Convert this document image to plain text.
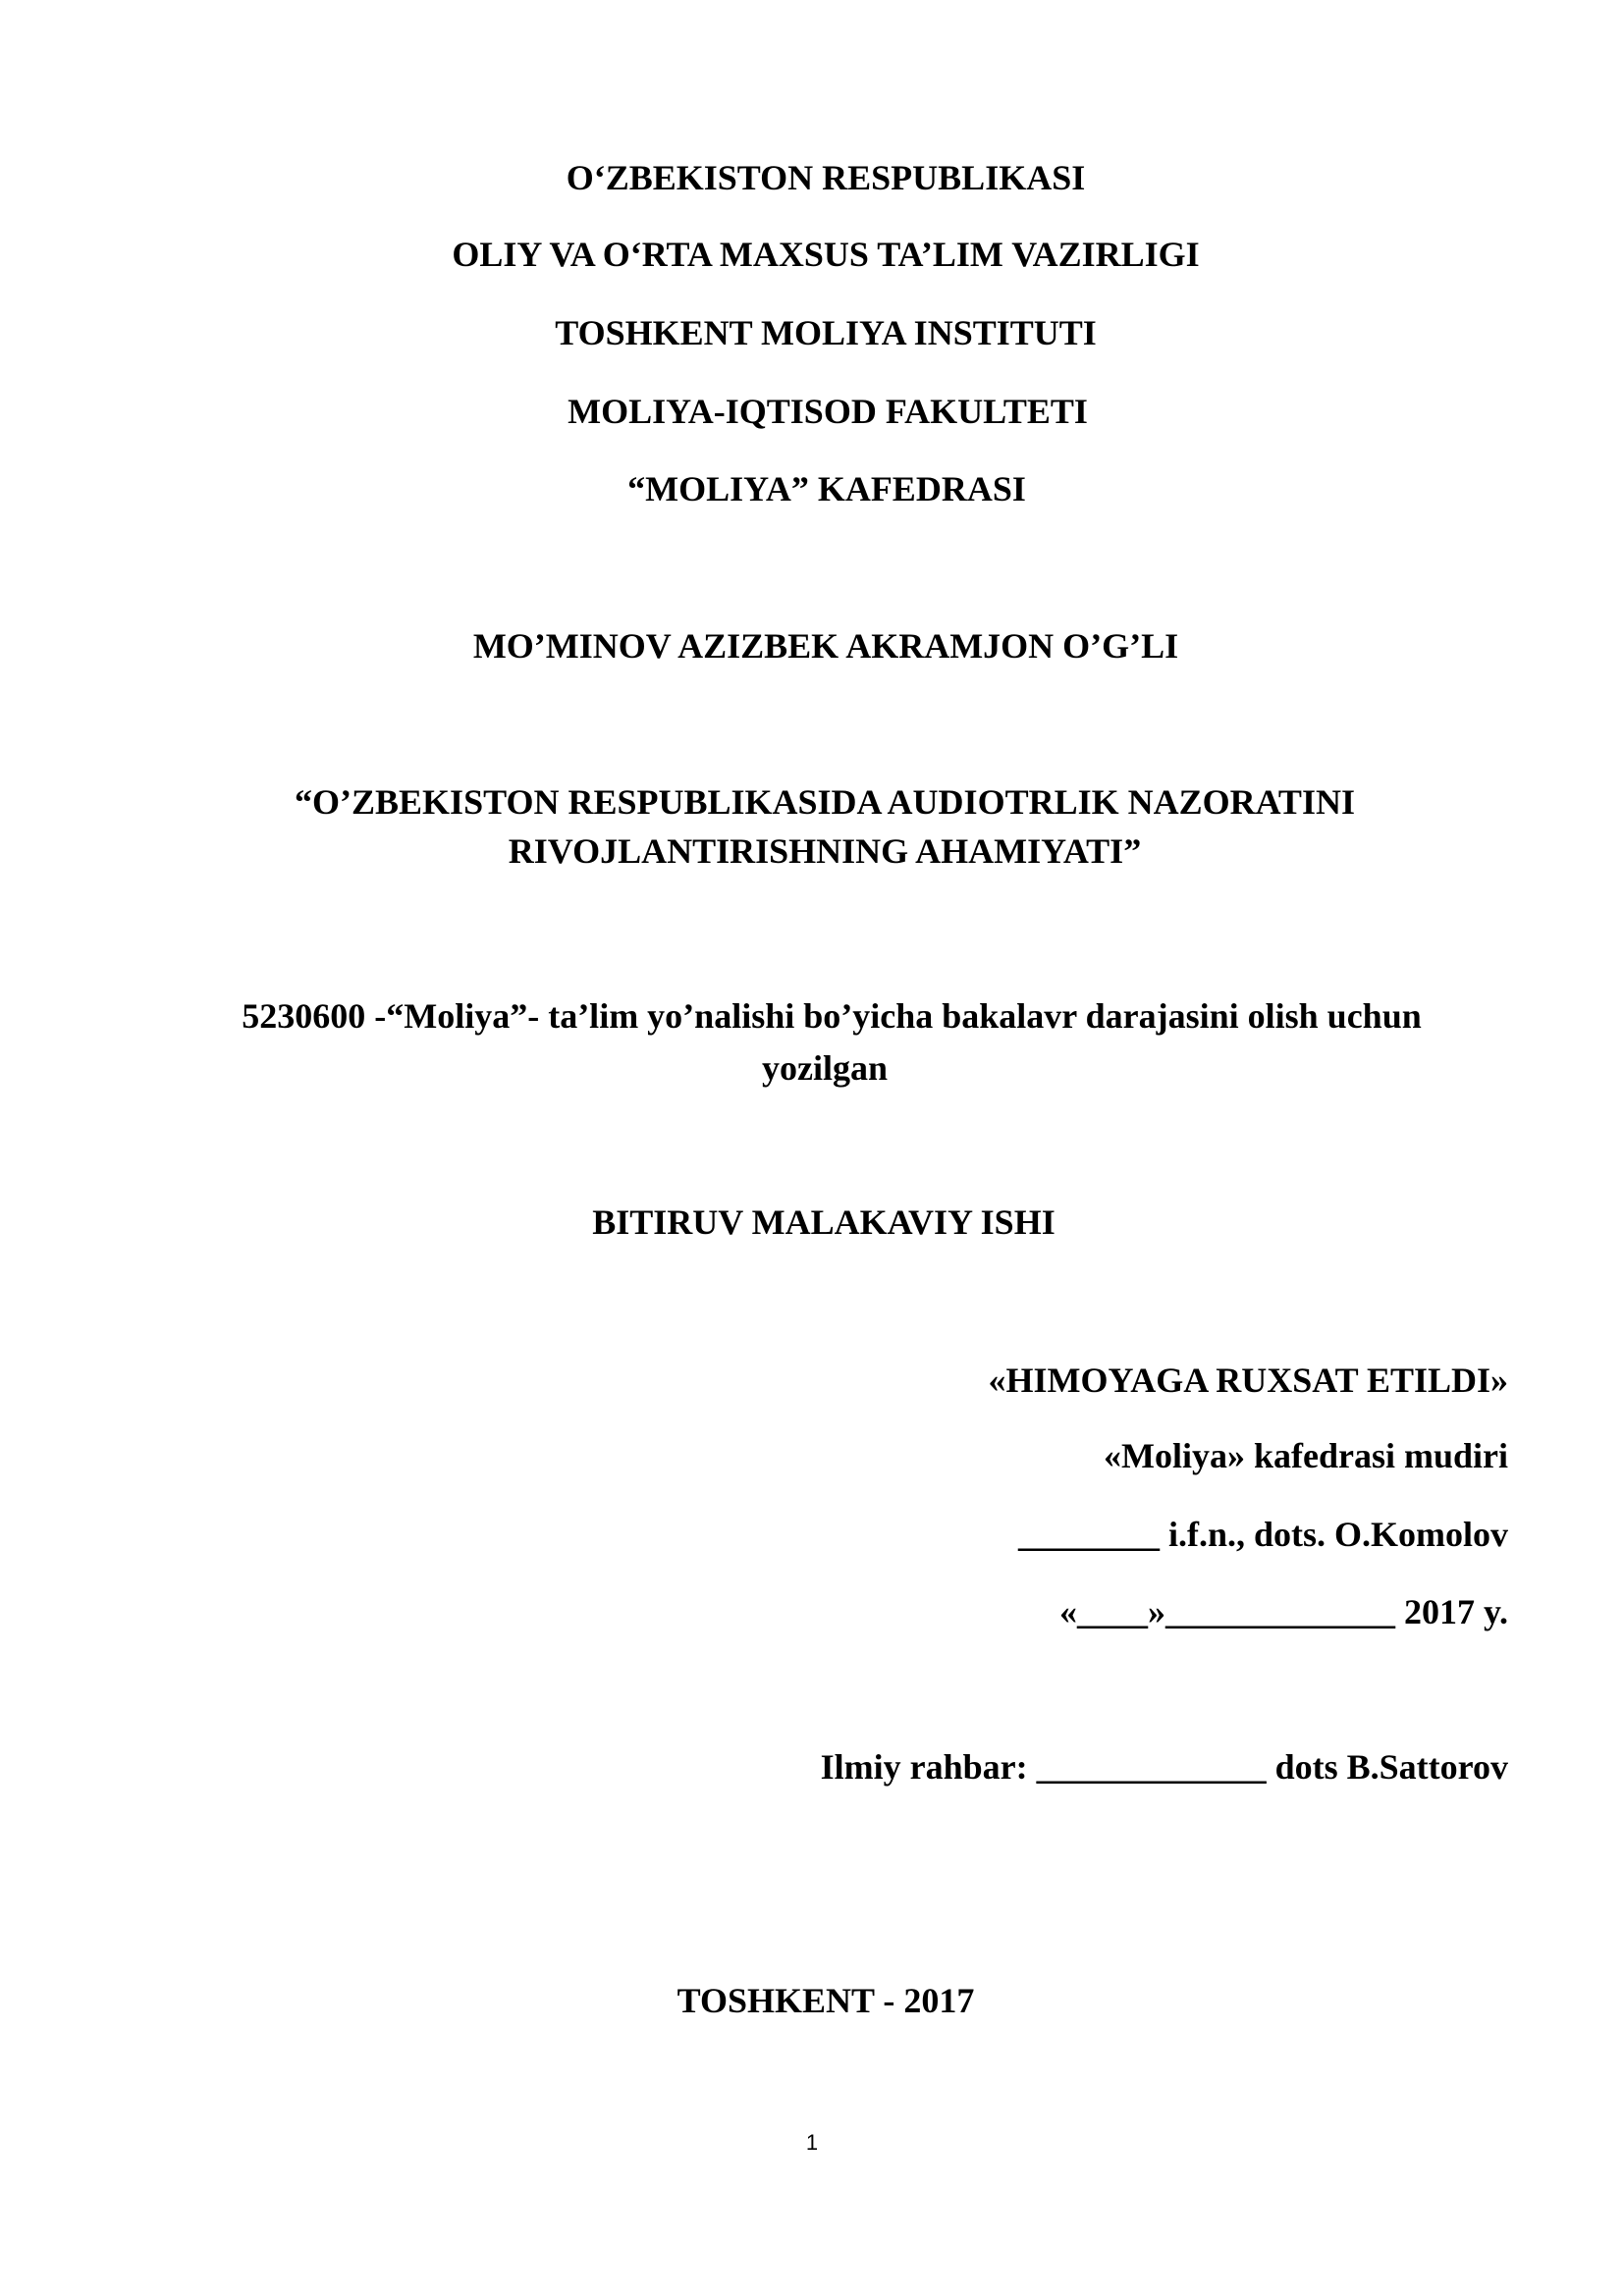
O‘ZBEKISTON RESPUBLIKASI
OLIY VA O‘RTA MAXSUS TA’LIM VAZIRLIGI
TOSHKENT MOLIYA INSTITUTI
MOLIYA-IQTISOD FAKULTETI
“MOLIYA” KAFEDRASI
MO’MINOV AZIZBEK AKRAMJON O’G’LI
“O’ZBEKISTON RESPUBLIKASIDA AUDIOTRLIK NAZORATINI
RIVOJLANTIRISHNING AHAMIYATI”
5230600 -“Moliya”- ta’lim yo’nalishi bo’yicha bakalavr darajasini olish uchun
yozilgan
BITIRUV MALAKAVIY ISHI
«HIMOYAGA RUXSAT ETILDI»
«Moliya» kafedrasi mudiri
________ i.f.n., dots. O.Komolov
«____»_____________ 2017 y.
Ilmiy rahbar: _____________ dots B.Sattorov
TOSHKENT - 2017
1
